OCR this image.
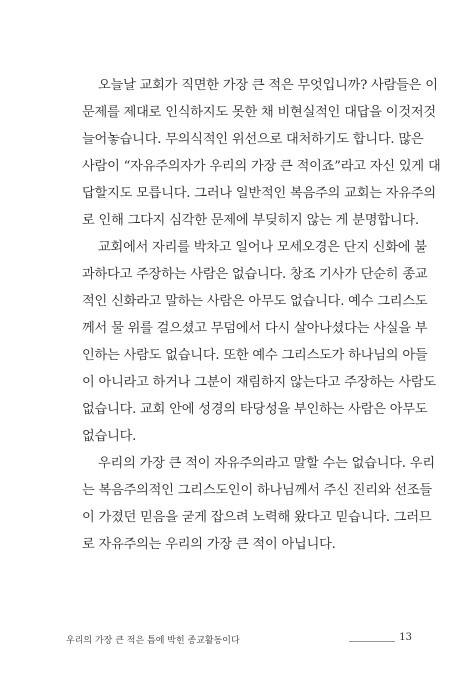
오늘날 교회가 직면한 가장 큰 적은 무엇입니까? 사람들은 이
문제를 제대로 인식하지도 못한 채 비현실적인 대답을 이것저것
늘어놓습니다. 무의식적인 위선으로 대처하기도 합니다. 많은
사람이 “자유주의자가 우리의 가장 큰 적이죠”라고 자신 있게 대
답할지도 모릅니다. 그러나 일반적인 복음주의 교회는 자유주의
로 인해 그다지 심각한 문제에 부딪히지 않는 게 분명합니다.
교회에서 자리를 박차고 일어나 모세오경은 단지 신화에 불
과하다고 주장하는 사람은 없습니다. 창조 기사가 단순히 종교
적인 신화라고 말하는 사람은 아무도 없습니다. 예수 그리스도
께서 물 위를 걸으셨고 무덤에서 다시 살아나셨다는 사실을 부
인하는 사람도 없습니다. 또한 예수 그리스도가 하나님의 아들
이 아니라고 하거나 그분이 재림하지 않는다고 주장하는 사람도
없습니다. 교회 안에 성경의 타당성을 부인하는 사람은 아무도
없습니다.
우리의 가장 큰 적이 자유주의라고 말할 수는 없습니다. 우리
는 복음주의적인 그리스도인이 하나님께서 주신 진리와 선조들
이 가졌던 믿음을 굳게 잡으려 노력해 왔다고 믿습니다. 그러므
로 자유주의는 우리의 가장 큰 적이 아닙니다.
우리의 가장 큰 적은 틈에 박힌 종교활동이다	13
